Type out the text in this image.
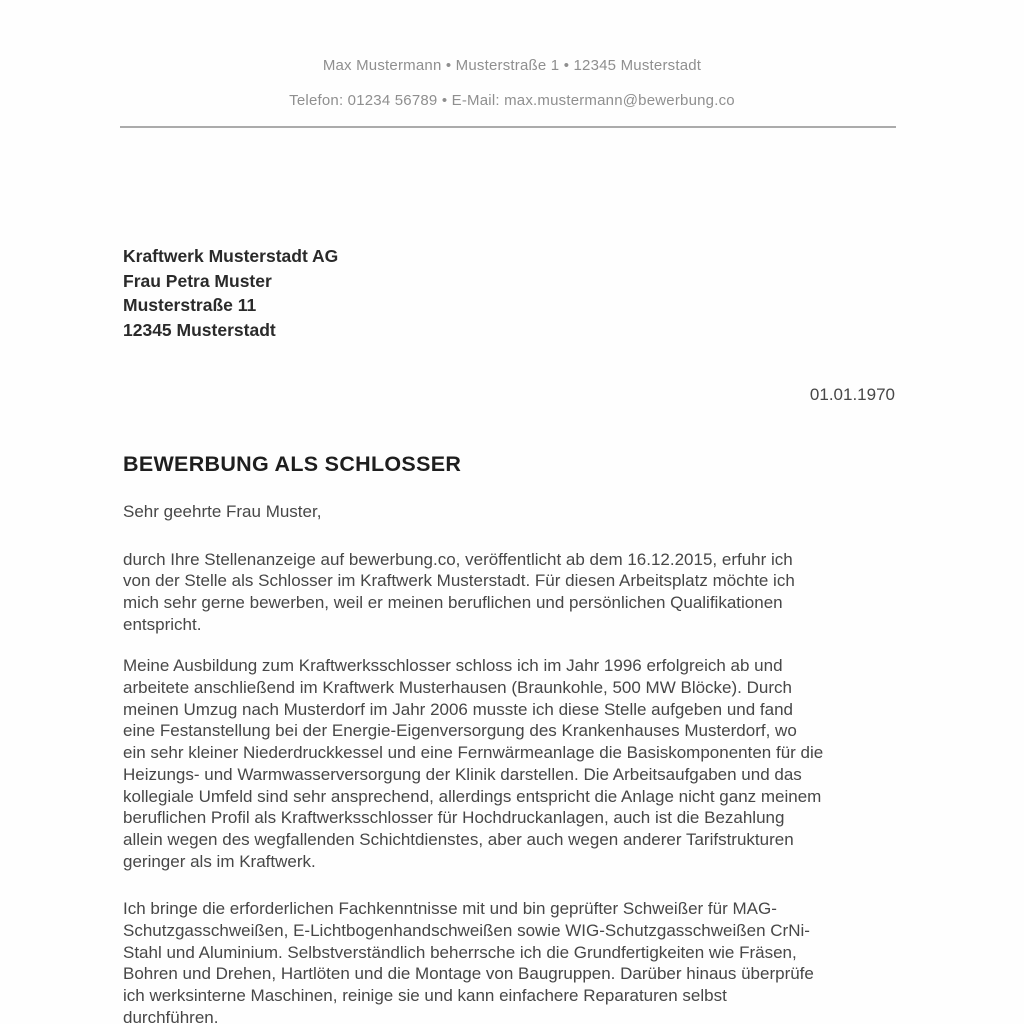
Max Mustermann • Musterstraße 1 • 12345 Musterstadt
Telefon: 01234 56789 • E-Mail: max.mustermann@bewerbung.co
Kraftwerk Musterstadt AG
Frau Petra Muster
Musterstraße 11
12345 Musterstadt
01.01.1970
BEWERBUNG ALS SCHLOSSER
Sehr geehrte Frau Muster,
durch Ihre Stellenanzeige auf bewerbung.co, veröffentlicht ab dem 16.12.2015, erfuhr ich
von der Stelle als Schlosser im Kraftwerk Musterstadt. Für diesen Arbeitsplatz möchte ich
mich sehr gerne bewerben, weil er meinen beruflichen und persönlichen Qualifikationen
entspricht.
Meine Ausbildung zum Kraftwerksschlosser schloss ich im Jahr 1996 erfolgreich ab und
arbeitete anschließend im Kraftwerk Musterhausen (Braunkohle, 500 MW Blöcke). Durch
meinen Umzug nach Musterdorf im Jahr 2006 musste ich diese Stelle aufgeben und fand
eine Festanstellung bei der Energie-Eigenversorgung des Krankenhauses Musterdorf, wo
ein sehr kleiner Niederdruckkessel und eine Fernwärmeanlage die Basiskomponenten für die
Heizungs- und Warmwasserversorgung der Klinik darstellen. Die Arbeitsaufgaben und das
kollegiale Umfeld sind sehr ansprechend, allerdings entspricht die Anlage nicht ganz meinem
beruflichen Profil als Kraftwerksschlosser für Hochdruckanlagen, auch ist die Bezahlung
allein wegen des wegfallenden Schichtdienstes, aber auch wegen anderer Tarifstrukturen
geringer als im Kraftwerk.
Ich bringe die erforderlichen Fachkenntnisse mit und bin geprüfter Schweißer für MAG-
Schutzgasschweißen, E-Lichtbogenhandschweißen sowie WIG-Schutzgasschweißen CrNi-
Stahl und Aluminium. Selbstverständlich beherrsche ich die Grundfertigkeiten wie Fräsen,
Bohren und Drehen, Hartlöten und die Montage von Baugruppen. Darüber hinaus überprüfe
ich werksinterne Maschinen, reinige sie und kann einfachere Reparaturen selbst
durchführen.
